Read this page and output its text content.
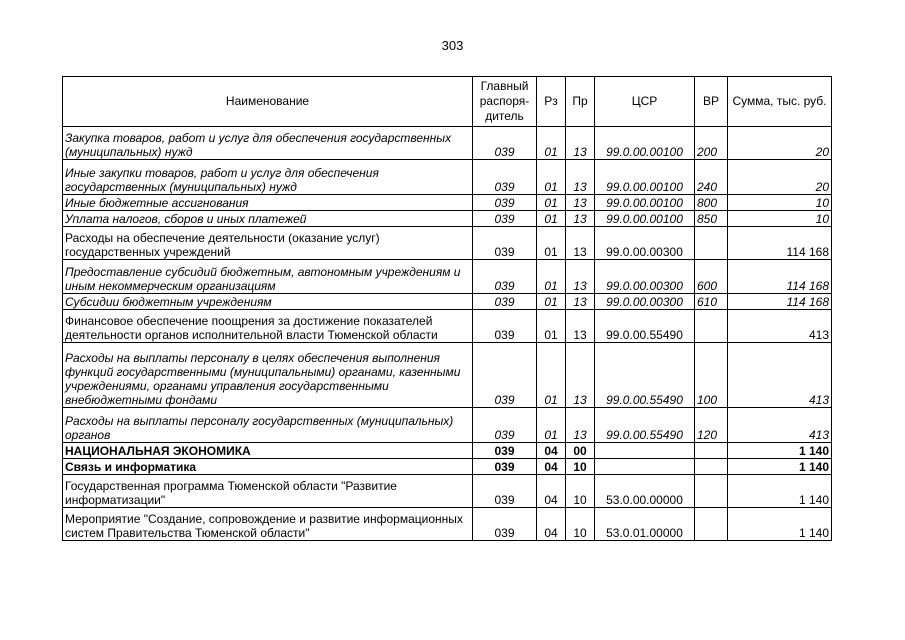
303
Наименование	Главный распоря-дитель	Рз	Пр	ЦСР	ВР	Сумма, тыс. руб.
Закупка товаров, работ и услуг для обеспечения государственных (муниципальных) нужд	039	01	13	99.0.00.00100	200	20
Иные закупки товаров, работ и услуг для обеспечения государственных (муниципальных) нужд	039	01	13	99.0.00.00100	240	20
Иные бюджетные ассигнования	039	01	13	99.0.00.00100	800	10
Уплата налогов, сборов и иных платежей	039	01	13	99.0.00.00100	850	10
Расходы на обеспечение деятельности (оказание услуг) государственных учреждений	039	01	13	99.0.00.00300		114 168
Предоставление субсидий бюджетным, автономным учреждениям и иным некоммерческим организациям	039	01	13	99.0.00.00300	600	114 168
Субсидии бюджетным учреждениям	039	01	13	99.0.00.00300	610	114 168
Финансовое обеспечение поощрения за достижение показателей деятельности органов исполнительной власти Тюменской области	039	01	13	99.0.00.55490		413
Расходы на выплаты персоналу в целях обеспечения выполнения функций государственными (муниципальными) органами, казенными учреждениями, органами управления государственными внебюджетными фондами	039	01	13	99.0.00.55490	100	413
Расходы на выплаты персоналу государственных (муниципальных) органов	039	01	13	99.0.00.55490	120	413
НАЦИОНАЛЬНАЯ ЭКОНОМИКА	039	04	00			1 140
Связь и информатика	039	04	10			1 140
Государственная программа Тюменской области "Развитие информатизации"	039	04	10	53.0.00.00000		1 140
Мероприятие "Создание, сопровождение и развитие информационных систем Правительства Тюменской области"	039	04	10	53.0.01.00000		1 140
